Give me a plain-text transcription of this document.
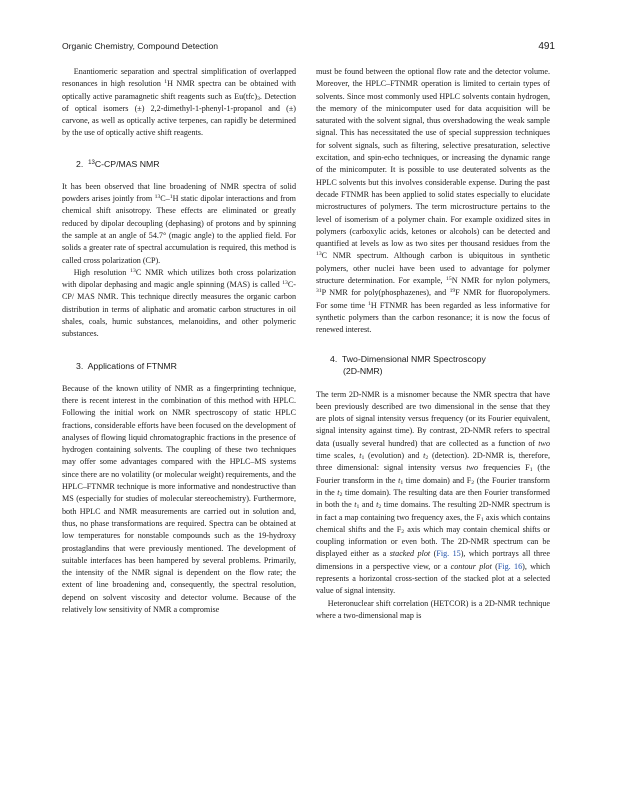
Organic Chemistry, Compound Detection	491

Enantiomeric separation and spectral simplification of overlapped resonances in high resolution $^1$H NMR spectra can be obtained with optically active paramagnetic shift reagents such as $Eu(tfc)_3$. Detection of optical isomers (±) 2,2-dimethyl-1-phenyl-1-propanol and (±) carvone, as well as optically active terpenes, can rapidly be determined by the use of optically active shift reagents.

2. $^{13}$C-CP/MAS NMR

It has been observed that line broadening of NMR spectra of solid powders arises jointly from $^{13}$C–$^1$H static dipolar interactions and from chemical shift anisotropy. These effects are eliminated or greatly reduced by dipolar decoupling (dephasing) of protons and by spinning the sample at an angle of 54.7° (magic angle) to the applied field. For solids a greater rate of spectral accumulation is required, this method is called cross polarization (CP).

High resolution $^{13}$C NMR which utilizes both cross polarization with dipolar dephasing and magic angle spinning (MAS) is called $^{13}$C-CP/ MAS NMR. This technique directly measures the organic carbon distribution in terms of aliphatic and aromatic carbon structures in oil shales, coals, humic substances, melanoidins, and other polymeric substances.

3. Applications of FTNMR

Because of the known utility of NMR as a fingerprinting technique, there is recent interest in the combination of this method with HPLC. Following the initial work on NMR spectroscopy of static HPLC fractions, considerable efforts have been focused on the development of analyses of flowing liquid chromatographic fractions in the presence of hydrogen containing solvents. The coupling of these two techniques may offer some advantages compared with the HPLC–MS systems since there are no volatility (or molecular weight) requirements, and the HPLC–FTNMR technique is more informative and nondestructive than MS (especially for studies of molecular stereochemistry). Furthermore, both HPLC and NMR measurements are carried out in solution and, thus, no phase transformations are required. Spectra can be obtained at low temperatures for nonstable compounds such as the 19-hydroxy prostaglandins that were previously mentioned. The development of suitable interfaces has been hampered by several problems. Primarily, the intensity of the NMR signal is dependent on the flow rate; the extent of line broadening and, consequently, the spectral resolution, depend on solvent viscosity and detector volume. Because of the relatively low sensitivity of NMR a compromise

must be found between the optional flow rate and the detector volume. Moreover, the HPLC–FTNMR operation is limited to certain types of solvents. Since most commonly used HPLC solvents contain hydrogen, the memory of the minicomputer used for data acquisition will be saturated with the solvent signal, thus overshadowing the weak sample signal. This has necessitated the use of special suppression techniques for solvent signals, such as filtering, selective presaturation, selective excitation, and spin-echo techniques, or increasing the dynamic range of the minicomputer. It is possible to use deuterated solvents as the HPLC solvents but this involves considerable expense. During the past decade FTNMR has been applied to solid states especially to elucidate microstructures of polymers. The term microstructure pertains to the level of isomerism of a polymer chain. For example oxidized sites in polymers (carboxylic acids, ketones or alcohols) can be detected and quantified at levels as low as two sites per thousand residues from the $^{13}$C NMR spectrum. Although carbon is ubiquitous in synthetic polymers, other nuclei have been used to advantage for polymer structure determination. For example, $^{15}$N NMR for nylon polymers, $^{31}$P NMR for poly(phosphazenes), and $^{19}$F NMR for fluoropolymers. For some time $^1$H FTNMR has been regarded as less informative for synthetic polymers than the carbon resonance; it is now the focus of renewed interest.

4. Two-Dimensional NMR Spectroscopy
(2D-NMR)

The term 2D-NMR is a misnomer because the NMR spectra that have been previously described are two dimensional in the sense that they are plots of signal intensity versus frequency (or its Fourier equivalent, signal intensity against time). By contrast, 2D-NMR refers to spectral data (usually several hundred) that are collected as a function of two time scales, $t_1$ (evolution) and $t_2$ (detection). 2D-NMR is, therefore, three dimensional: signal intensity versus two frequencies $F_1$ (the Fourier transform in the $t_1$ time domain) and $F_2$ (the Fourier transform in the $t_2$ time domain). The resulting data are then Fourier transformed in both the $t_1$ and $t_2$ time domains. The resulting 2D-NMR spectrum is in fact a map containing two frequency axes, the $F_1$ axis which contains chemical shifts and the $F_2$ axis which may contain chemical shifts or coupling information or even both. The 2D-NMR spectrum can be displayed either as a stacked plot (Fig. 15), which portrays all three dimensions in a perspective view, or a contour plot (Fig. 16), which represents a horizontal cross-section of the stacked plot at a selected value of signal intensity.

Heteronuclear shift correlation (HETCOR) is a 2D-NMR technique where a two-dimensional map is
